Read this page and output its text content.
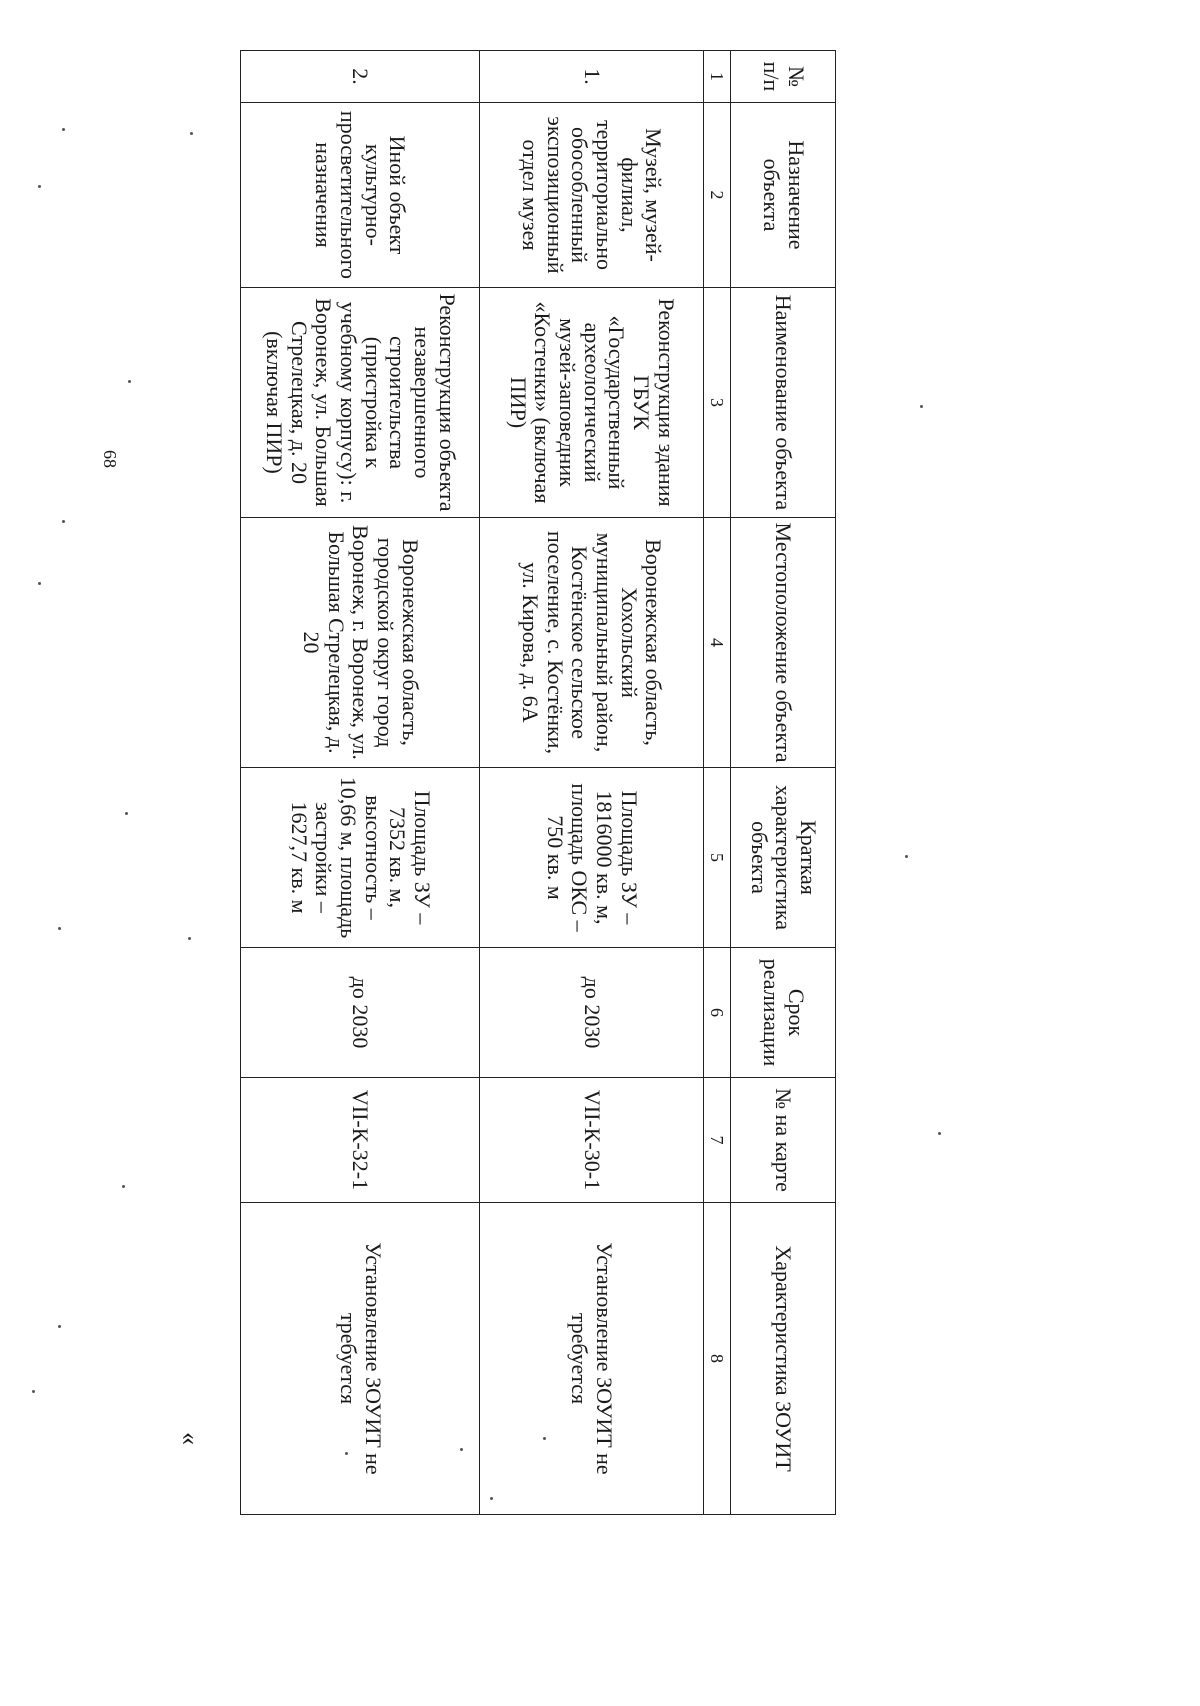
68
«
№ п/п	Назначение объекта	Наименование объекта	Местоположение объекта	Краткая характеристика объекта	Срок реализации	№ на карте	Характеристика ЗОУИТ
1	2	3	4	5	6	7	8
1.	Музей, музей-филиал, территориально обособленный экспозиционный отдел музея	Реконструкция здания ГБУК «Государственный археологический музей-заповедник «Костенки» (включая ПИР)	Воронежская область, Хохольский муниципальный район, Костёнское сельское поселение, с. Костёнки, ул. Кирова, д. 6А	Площадь ЗУ – 1816000 кв. м, площадь ОКС – 750 кв. м	до 2030	VII-К-30-1	Установление ЗОУИТ не требуется
2.	Иной объект культурно-просветительного назначения	Реконструкция объекта незавершенного строительства (пристройка к учебному корпусу): г. Воронеж, ул. Большая Стрелецкая, д. 20 (включая ПИР)	Воронежская область, городской округ город Воронеж, г. Воронеж, ул. Большая Стрелецкая, д. 20	Площадь ЗУ – 7352 кв. м, высотность – 10,66 м, площадь застройки – 1627,7 кв. м	до 2030	VII-К-32-1	Установление ЗОУИТ не требуется
